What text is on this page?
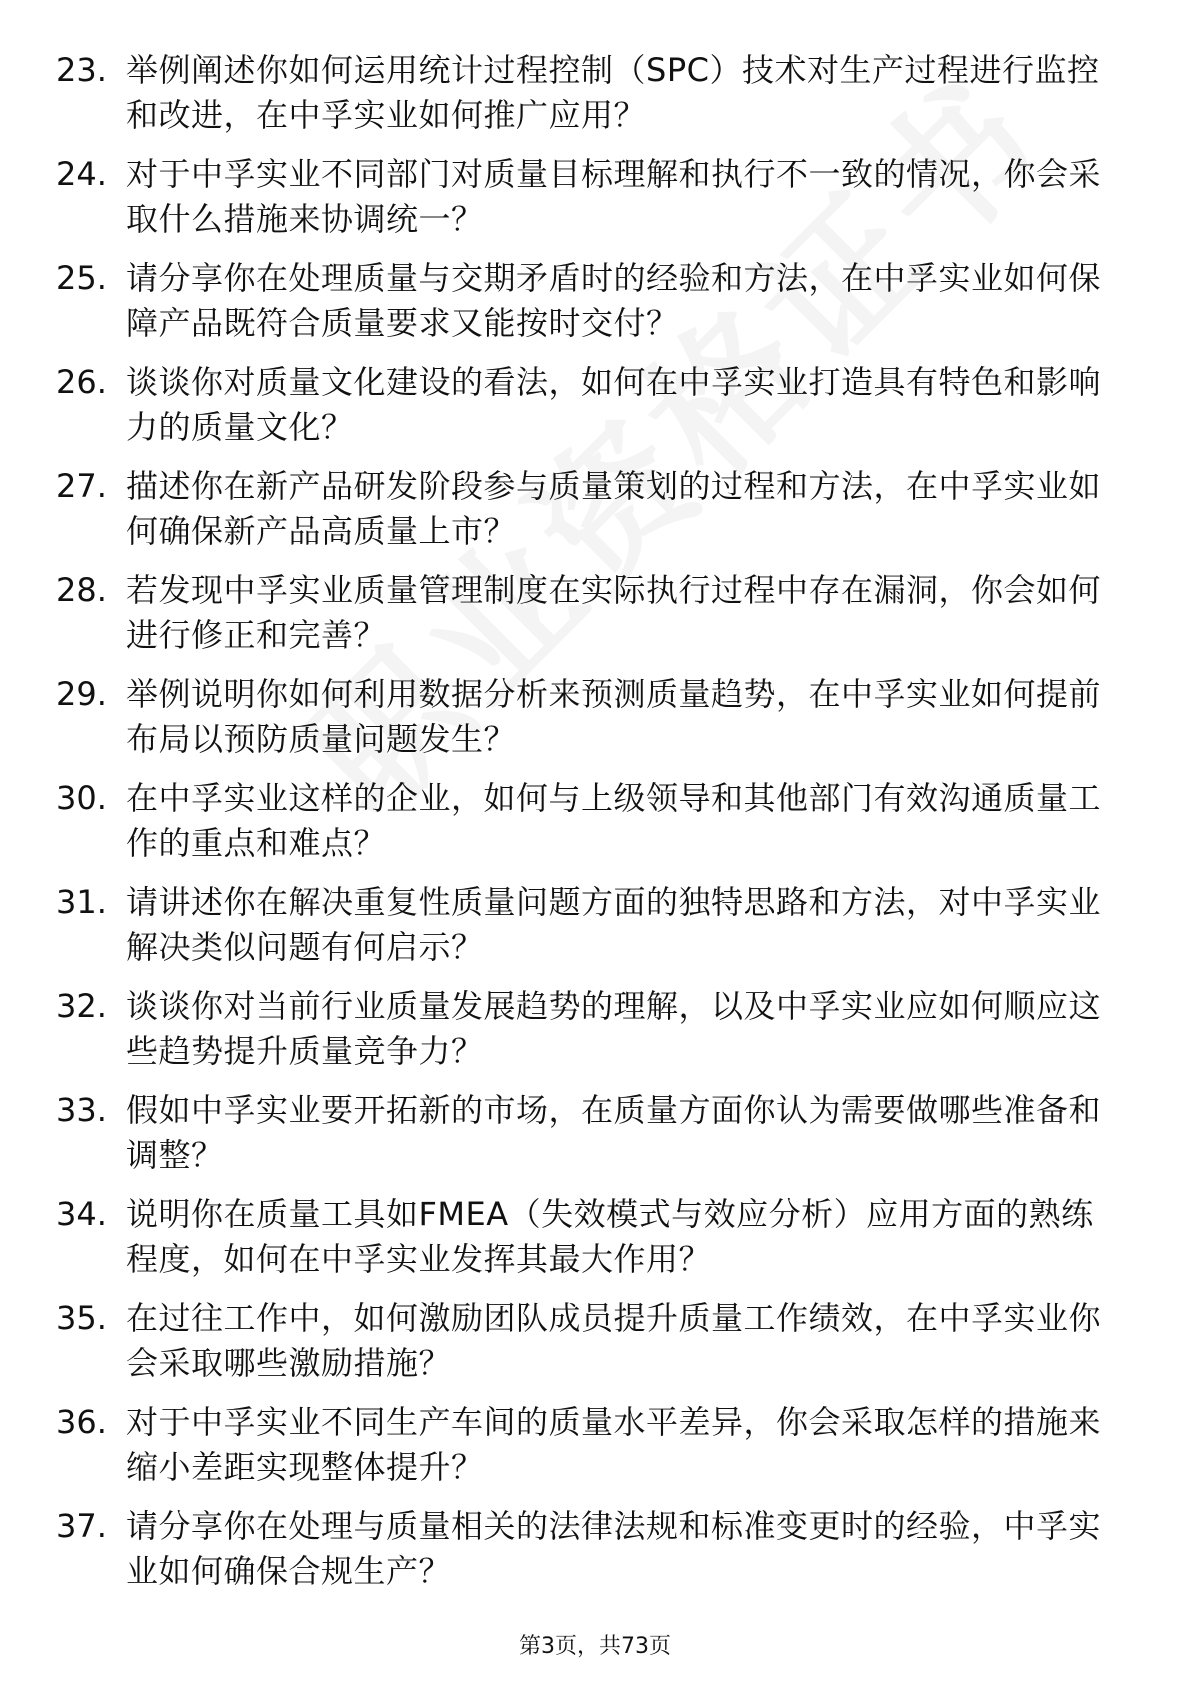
23. 举例阐述你如何运用统计过程控制（SPC）技术对生产过程进行监控和改进，在中孚实业如何推广应用？
24. 对于中孚实业不同部门对质量目标理解和执行不一致的情况，你会采取什么措施来协调统一？
25. 请分享你在处理质量与交期矛盾时的经验和方法，在中孚实业如何保障产品既符合质量要求又能按时交付？
26. 谈谈你对质量文化建设的看法，如何在中孚实业打造具有特色和影响力的质量文化？
27. 描述你在新产品研发阶段参与质量策划的过程和方法，在中孚实业如何确保新产品高质量上市？
28. 若发现中孚实业质量管理制度在实际执行过程中存在漏洞，你会如何进行修正和完善？
29. 举例说明你如何利用数据分析来预测质量趋势，在中孚实业如何提前布局以预防质量问题发生？
30. 在中孚实业这样的企业，如何与上级领导和其他部门有效沟通质量工作的重点和难点？
31. 请讲述你在解决重复性质量问题方面的独特思路和方法，对中孚实业解决类似问题有何启示？
32. 谈谈你对当前行业质量发展趋势的理解，以及中孚实业应如何顺应这些趋势提升质量竞争力？
33. 假如中孚实业要开拓新的市场，在质量方面你认为需要做哪些准备和调整？
34. 说明你在质量工具如FMEA（失效模式与效应分析）应用方面的熟练程度，如何在中孚实业发挥其最大作用？
35. 在过往工作中，如何激励团队成员提升质量工作绩效，在中孚实业你会采取哪些激励措施？
36. 对于中孚实业不同生产车间的质量水平差异，你会采取怎样的措施来缩小差距实现整体提升？
37. 请分享你在处理与质量相关的法律法规和标准变更时的经验，中孚实业如何确保合规生产？
第3页，共73页
